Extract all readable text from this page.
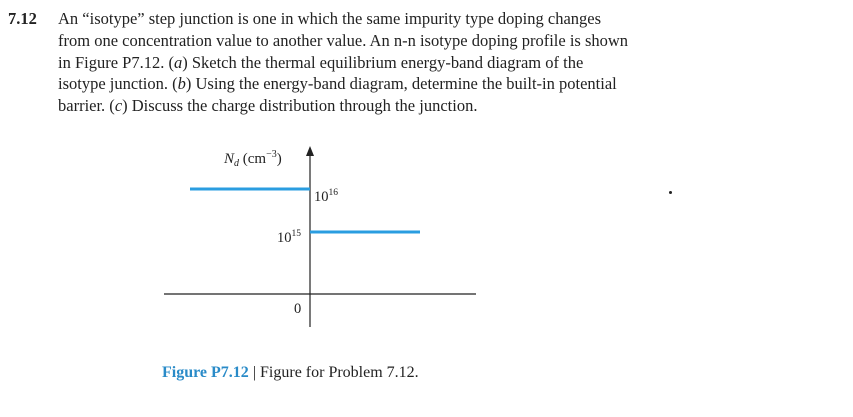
7.12 An “isotype” step junction is one in which the same impurity type doping changes
from one concentration value to another value. An n-n isotype doping profile is shown
in Figure P7.12. (a) Sketch the thermal equilibrium energy-band diagram of the
isotype junction. (b) Using the energy-band diagram, determine the built-in potential
barrier. (c) Discuss the charge distribution through the junction.
$N_d$ $(cm^{-3})$
$10^{16}$
$10^{15}$
0
Figure P7.12 | Figure for Problem 7.12.
